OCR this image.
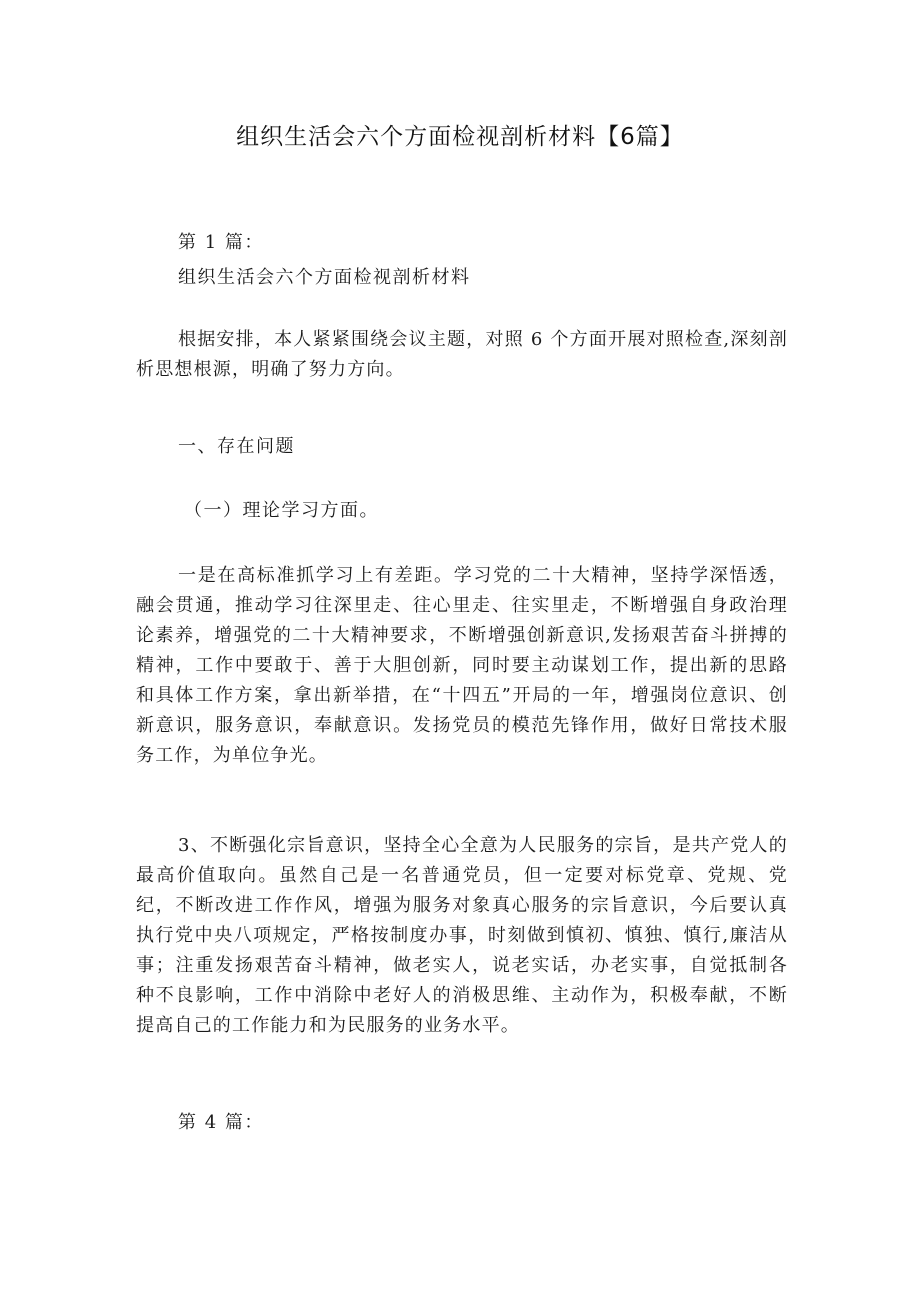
组织生活会六个方面检视剖析材料【6篇】
第 1 篇：
组织生活会六个方面检视剖析材料
根据安排，本人紧紧围绕会议主题，对照 6 个方面开展对照检查,深刻剖析思想根源，明确了努力方向。
一、存在问题
（一）理论学习方面。
一是在高标准抓学习上有差距。学习党的二十大精神，坚持学深悟透，融会贯通，推动学习往深里走、往心里走、往实里走，不断增强自身政治理论素养，增强党的二十大精神要求，不断增强创新意识,发扬艰苦奋斗拼搏的精神，工作中要敢于、善于大胆创新，同时要主动谋划工作，提出新的思路和具体工作方案，拿出新举措，在“十四五”开局的一年，增强岗位意识、创新意识，服务意识，奉献意识。发扬党员的模范先锋作用，做好日常技术服务工作，为单位争光。
3、不断强化宗旨意识，坚持全心全意为人民服务的宗旨，是共产党人的最高价值取向。虽然自己是一名普通党员，但一定要对标党章、党规、党纪，不断改进工作作风，增强为服务对象真心服务的宗旨意识，今后要认真执行党中央八项规定，严格按制度办事，时刻做到慎初、慎独、慎行,廉洁从事；注重发扬艰苦奋斗精神，做老实人，说老实话，办老实事，自觉抵制各种不良影响，工作中消除中老好人的消极思维、主动作为，积极奉献，不断提高自己的工作能力和为民服务的业务水平。
第 4 篇：
